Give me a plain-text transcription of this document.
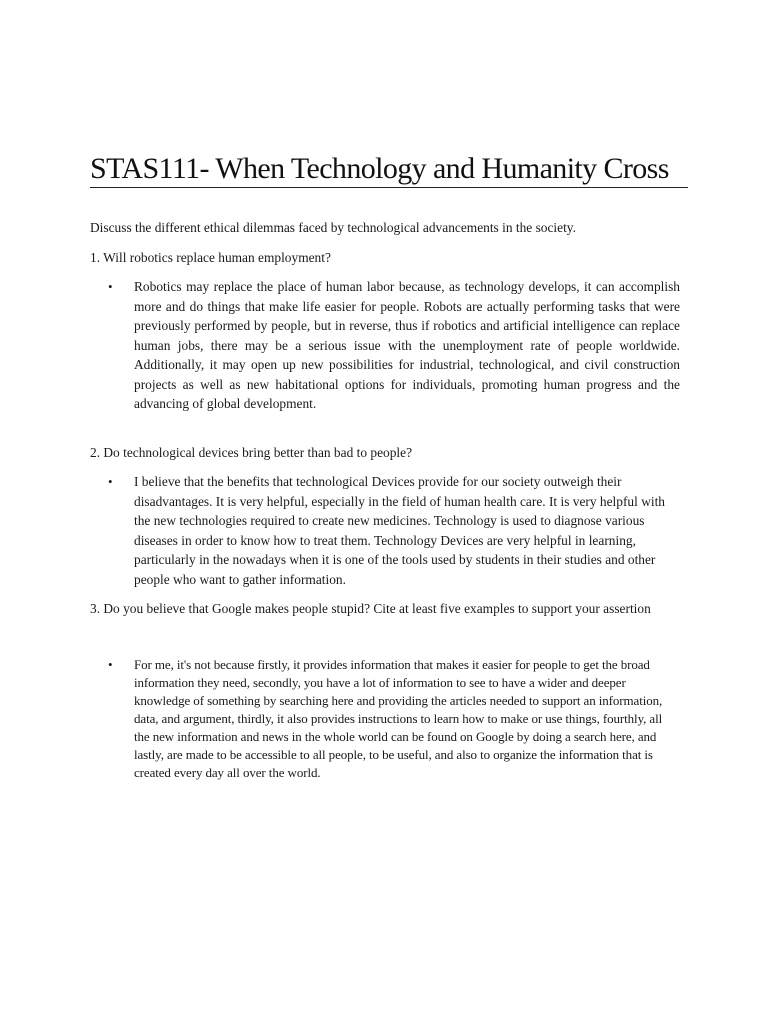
STAS111- When Technology and Humanity Cross

Discuss the different ethical dilemmas faced by technological advancements in the society.

1. Will robotics replace human employment?

• Robotics may replace the place of human labor because, as technology develops, it can accomplish more and do things that make life easier for people. Robots are actually performing tasks that were previously performed by people, but in reverse, thus if robotics and artificial intelligence can replace human jobs, there may be a serious issue with the unemployment rate of people worldwide. Additionally, it may open up new possibilities for industrial, technological, and civil construction projects as well as new habitational options for individuals, promoting human progress and the advancing of global development.

2. Do technological devices bring better than bad to people?

• I believe that the benefits that technological Devices provide for our society outweigh their disadvantages. It is very helpful, especially in the field of human health care. It is very helpful with the new technologies required to create new medicines. Technology is used to diagnose various diseases in order to know how to treat them. Technology Devices are very helpful in learning, particularly in the nowadays when it is one of the tools used by students in their studies and other people who want to gather information.

3. Do you believe that Google makes people stupid? Cite at least five examples to support your assertion

• For me, it's not because firstly, it provides information that makes it easier for people to get the broad information they need, secondly, you have a lot of information to see to have a wider and deeper knowledge of something by searching here and providing the articles needed to support an information, data, and argument, thirdly, it also provides instructions to learn how to make or use things, fourthly, all the new information and news in the whole world can be found on Google by doing a search here, and lastly, are made to be accessible to all people, to be useful, and also to organize the information that is created every day all over the world.
